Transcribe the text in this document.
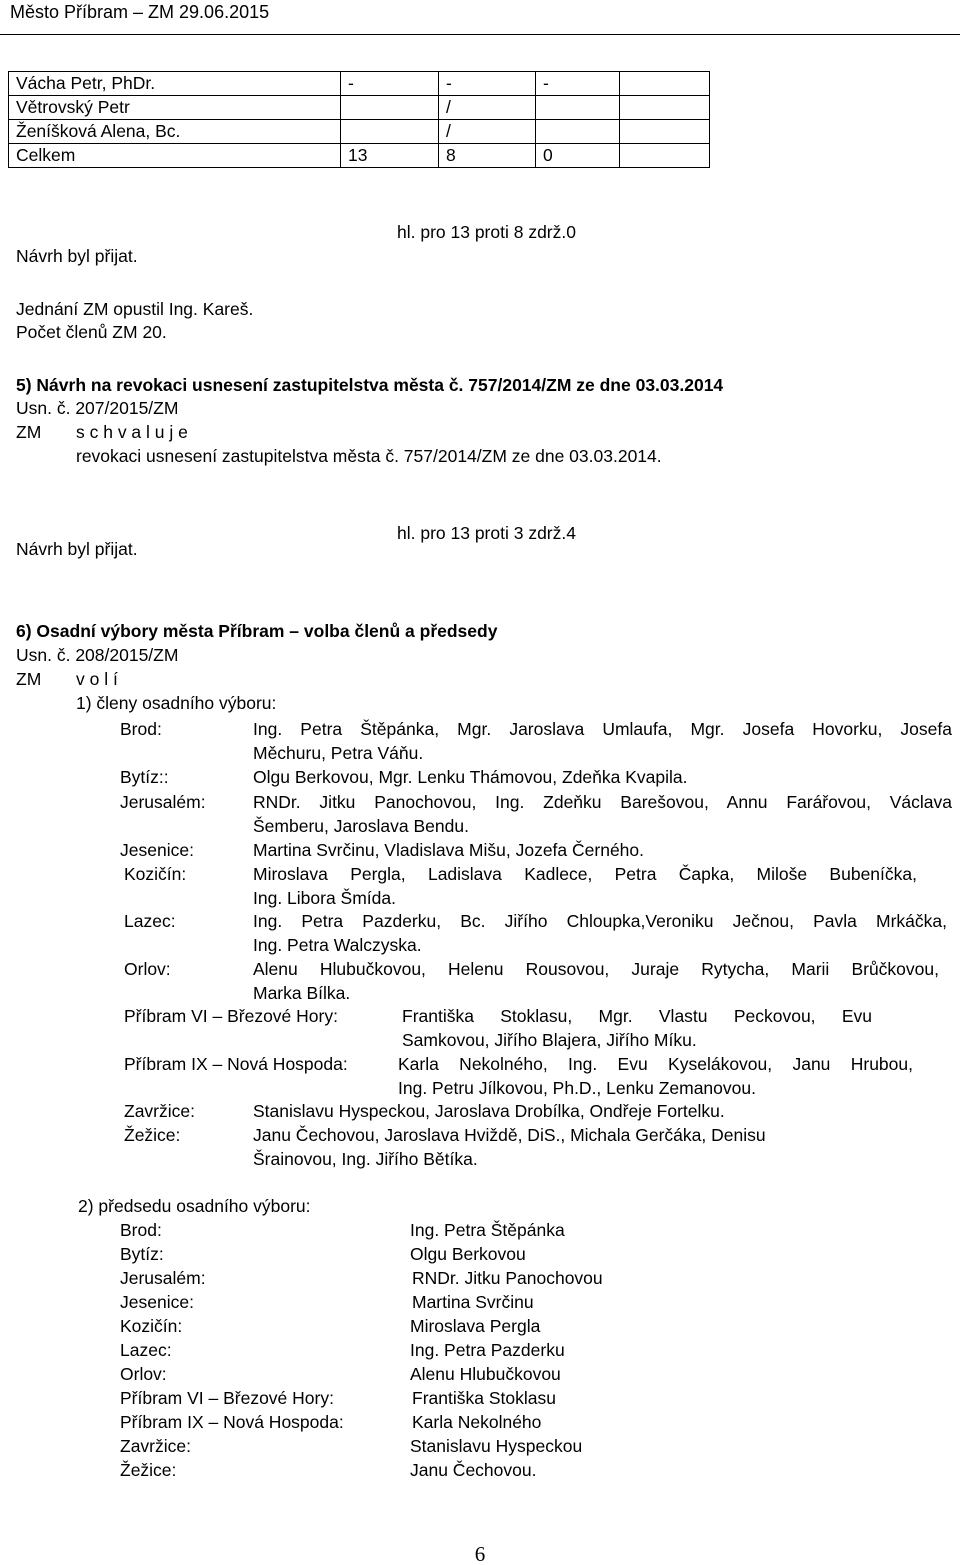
Město Příbram – ZM 29.06.2015
Vácha Petr, PhDr.	-	-	-	
Větrovský Petr		/		
Ženíšková Alena, Bc.		/		
Celkem	13	8	0	
hl. pro 13 proti 8 zdrž.0
Návrh byl přijat.
Jednání ZM opustil Ing. Kareš.
Počet členů ZM 20.
5) Návrh na revokaci usnesení zastupitelstva města č. 757/2014/ZM ze dne 03.03.2014
Usn. č. 207/2015/ZM
ZM s c h v a l u j e
revokaci usnesení zastupitelstva města č. 757/2014/ZM ze dne 03.03.2014.
hl. pro 13 proti 3 zdrž.4
Návrh byl přijat.
6) Osadní výbory města Příbram – volba členů a předsedy
Usn. č. 208/2015/ZM
ZM v o l í
1) členy osadního výboru:
Brod:	Ing. Petra Štěpánka, Mgr. Jaroslava Umlaufa, Mgr. Josefa Hovorku, Josefa
Měchuru, Petra Váňu.
Bytíz::	Olgu Berkovou, Mgr. Lenku Thámovou, Zdeňka Kvapila.
Jerusalém:	RNDr. Jitku Panochovou, Ing. Zdeňku Barešovou, Annu Farářovou, Václava
Šemberu, Jaroslava Bendu.
Jesenice:	Martina Svrčinu, Vladislava Mišu, Jozefa Černého.
Kozičín:	Miroslava Pergla, Ladislava Kadlece, Petra Čapka, Miloše Bubeníčka,
Ing. Libora Šmída.
Lazec:	Ing. Petra Pazderku, Bc. Jiřího Chloupka,Veroniku Ječnou, Pavla Mrkáčka,
Ing. Petra Walczyska.
Orlov:	Alenu Hlubučkovou, Helenu Rousovou, Juraje Rytycha, Marii Brůčkovou,
Marka Bílka.
Příbram VI – Březové Hory:	Františka Stoklasu, Mgr. Vlastu Peckovou, Evu
Samkovou, Jiřího Blajera, Jiřího Míku.
Příbram IX – Nová Hospoda:	Karla Nekolného, Ing. Evu Kyselákovou, Janu Hrubou,
Ing. Petru Jílkovou, Ph.D., Lenku Zemanovou.
Zavržice:	Stanislavu Hyspeckou, Jaroslava Drobílka, Ondřeje Fortelku.
Žežice:	Janu Čechovou, Jaroslava Hviždě, DiS., Michala Gerčáka, Denisu
Šrainovou, Ing. Jiřího Bětíka.
2) předsedu osadního výboru:
Brod:	Ing. Petra Štěpánka
Bytíz:	Olgu Berkovou
Jerusalém:	RNDr. Jitku Panochovou
Jesenice:	Martina Svrčinu
Kozičín:	Miroslava Pergla
Lazec:	Ing. Petra Pazderku
Orlov:	Alenu Hlubučkovou
Příbram VI – Březové Hory:	Františka Stoklasu
Příbram IX – Nová Hospoda:	Karla Nekolného
Zavržice:	Stanislavu Hyspeckou
Žežice:	Janu Čechovou.
6
